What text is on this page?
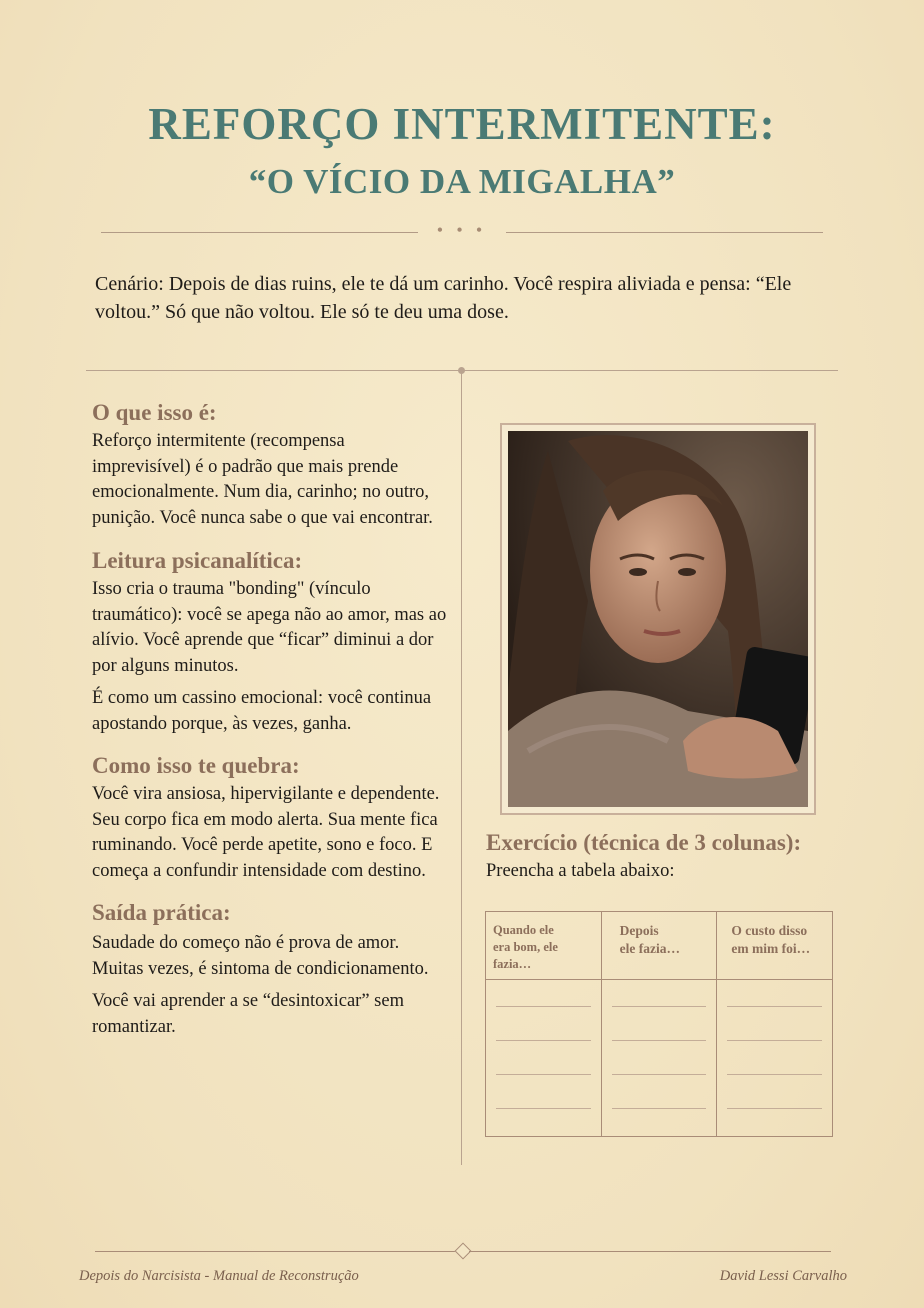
REFORÇO INTERMITENTE:
“O VÍCIO DA MIGALHA”
• • •
Cenário: Depois de dias ruins, ele te dá um carinho. Você respira aliviada e pensa: “Ele
voltou.” Só que não voltou. Ele só te deu uma dose.
O que isso é:
Reforço intermitente (recompensa imprevisível) é o padrão que mais prende emocionalmente. Num dia, carinho; no outro, punição. Você nunca sabe o que vai encontrar.
Leitura psicanalítica:
Isso cria o trauma "bonding" (vínculo traumático): você se apega não ao amor, mas ao alívio. Você aprende que “ficar” diminui a dor por alguns minutos.
É como um cassino emocional: você continua apostando porque, às vezes, ganha.
Como isso te quebra:
Você vira ansiosa, hipervigilante e dependente. Seu corpo fica em modo alerta. Sua mente fica ruminando. Você perde apetite, sono e foco. E começa a confundir intensidade com destino.
Saída prática:
Saudade do começo não é prova de amor. Muitas vezes, é sintoma de condicionamento.
Você vai aprender a se “desintoxicar” sem romantizar.
Exercício (técnica de 3 colunas):
Preencha a tabela abaixo:
Quando ele
era bom, ele fazia…
Depois
ele fazia…
O custo disso
em mim foi…
Depois do Narcisista - Manual de Reconstrução	David Lessi Carvalho
